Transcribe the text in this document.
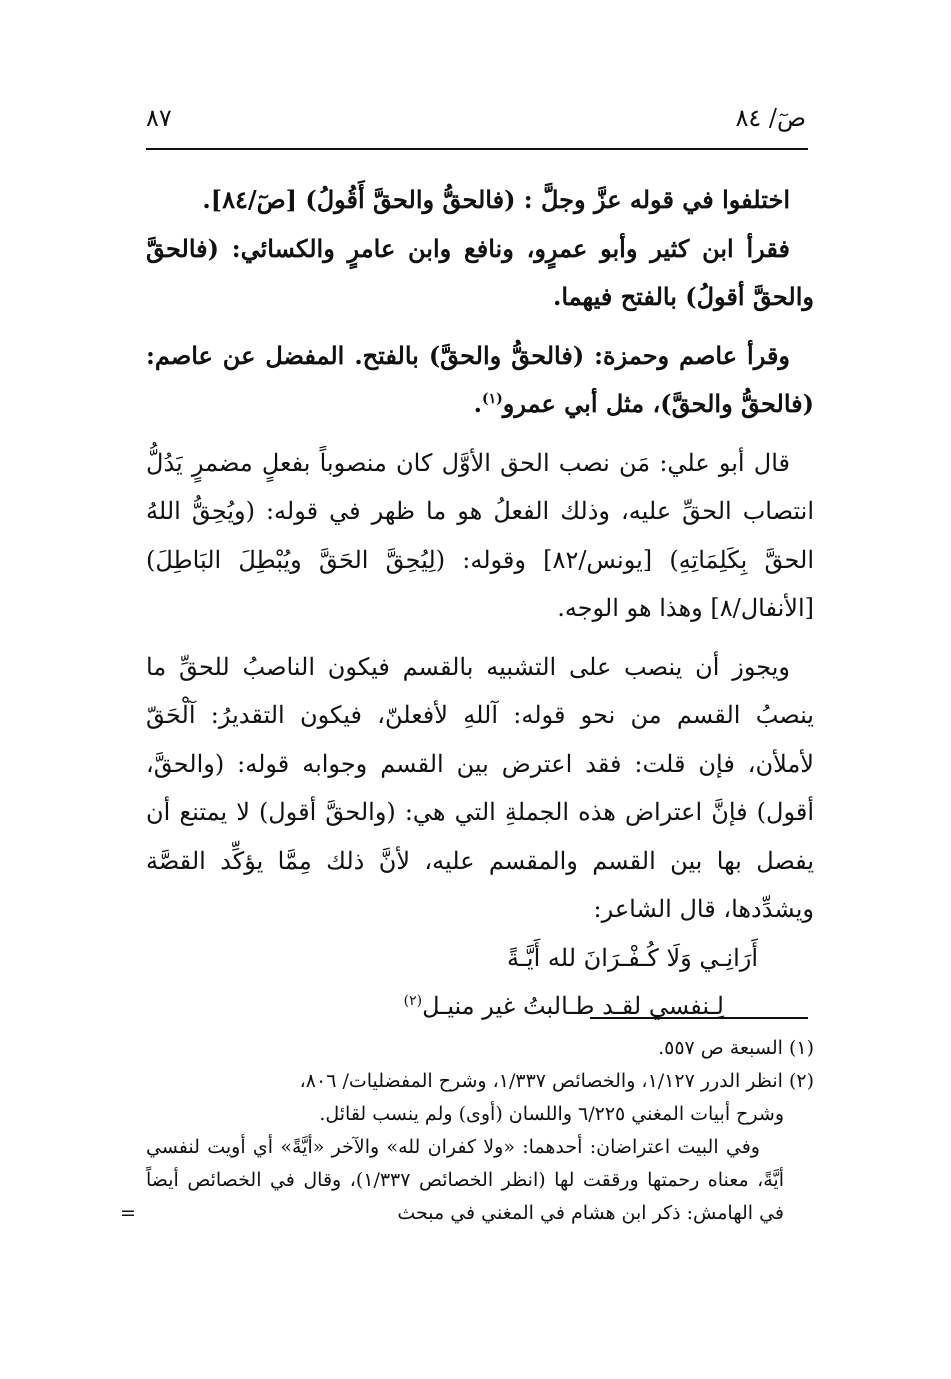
صٓ/ ٨٤
٨٧

اختلفوا في قوله عزَّ وجلَّ : (فالحقُّ والحقَّ أَقُولُ) [صٓ/٨٤].

فقرأ ابن كثير وأبو عمرٍو، ونافع وابن عامرٍ والكسائي: (فالحقَّ والحقَّ أقولُ) بالفتح فيهما.

وقرأ عاصم وحمزة: (فالحقُّ والحقَّ) بالفتح. المفضل عن عاصم: (فالحقُّ والحقَّ)، مثل أبي عمرو$^{(١)}$.

قال أبو علي: مَن نصب الحق الأوَّل كان منصوباً بفعلٍ مضمرٍ يَدُلُّ انتصاب الحقِّ عليه، وذلك الفعلُ هو ما ظهر في قوله: (ويُحِقُّ اللهُ الحقَّ بِكَلِمَاتِهِ) [يونس/٨٢] وقوله: (لِيُحِقَّ الحَقَّ ويُبْطِلَ البَاطِلَ) [الأنفال/٨] وهذا هو الوجه.

ويجوز أن ينصب على التشبيه بالقسم فيكون الناصبُ للحقِّ ما ينصبُ القسم من نحو قوله: آللهِ لأفعلنّ، فيكون التقديرُ: آلْحَقّ لأملأن، فإن قلت: فقد اعترض بين القسم وجوابه قوله: (والحقَّ، أقول) فإنَّ اعتراض هذه الجملةِ التي هي: (والحقَّ أقول) لا يمتنع أن يفصل بها بين القسم والمقسم عليه، لأنَّ ذلك مِمَّا يؤكِّد القصَّة ويشدِّدها، قال الشاعر:

أَرَانِـي وَلَا كُـفْـرَانَ لله أَيَّـةً
لِـنفسي لقـد طـالبتُ غير منيـل$^{(٢)}$

(١) السبعة ص ٥٥٧.

(٢) انظر الدرر ١/١٢٧، والخصائص ١/٣٣٧، وشرح المفضليات/ ٨٠٦،

وشرح أبيات المغني ٦/٢٢٥ واللسان (أوى) ولم ينسب لقائل.

وفي البيت اعتراضان: أحدهما: «ولا كفران لله» والآخر «أيَّةً» أي أويت لنفسي أيَّةً، معناه رحمتها ورققت لها (انظر الخصائص ١/٣٣٧)، وقال في الخصائص أيضاً في الهامش: ذكر ابن هشام في المغني في مبحث
=
